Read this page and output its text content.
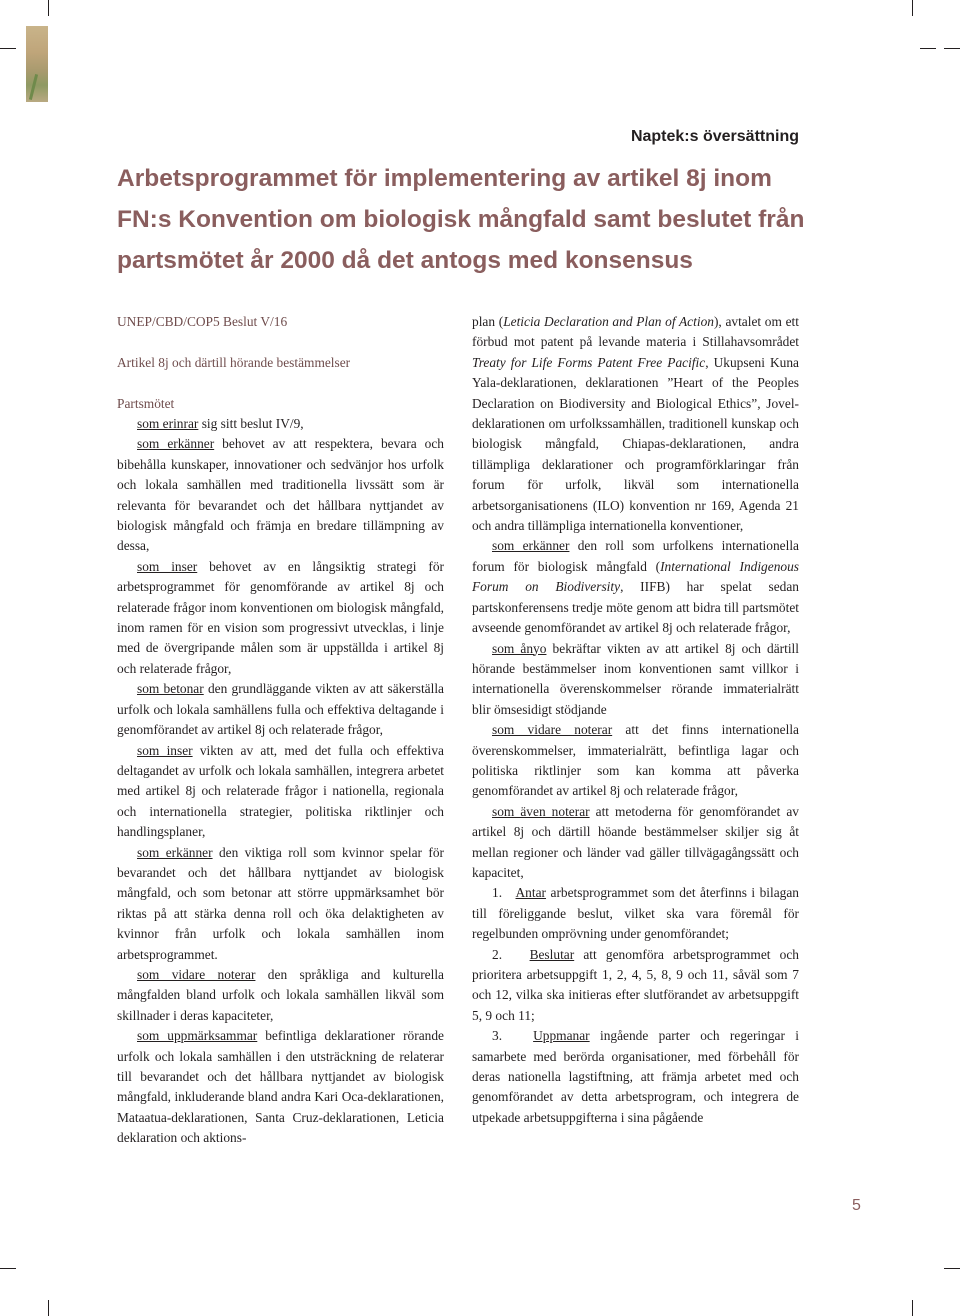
Naptek:s översättning
Arbetsprogrammet för implementering av artikel 8j inom
FN:s Konvention om biologisk mångfald samt beslutet från
partsmötet år 2000 då det antogs med konsensus

UNEP/CBD/COP5 Beslut V/16

Artikel 8j och därtill hörande bestämmelser

Partsmötet

som erinrar sig sitt beslut IV/9,

som erkänner behovet av att respektera, bevara och bibehålla kunskaper, innovationer och sedvänjor hos urfolk och lokala samhällen med traditionella livssätt som är relevanta för bevarandet och det hållbara nyttjandet av biologisk mångfald och främja en bredare tillämpning av dessa,

som inser behovet av en långsiktig strategi för arbetsprogrammet för genomförande av artikel 8j och relaterade frågor inom konventionen om biologisk mångfald, inom ramen för en vision som progressivt utvecklas, i linje med de övergripande målen som är uppställda i artikel 8j och relaterade frågor,

som betonar den grundläggande vikten av att säkerställa urfolk och lokala samhällens fulla och effektiva deltagande i genomförandet av artikel 8j och relaterade frågor,

som inser vikten av att, med det fulla och effektiva deltagandet av urfolk och lokala samhällen, integrera arbetet med artikel 8j och relaterade frågor i nationella, regionala och internationella strategier, politiska riktlinjer och handlingsplaner,

som erkänner den viktiga roll som kvinnor spelar för bevarandet och det hållbara nyttjandet av biologisk mångfald, och som betonar att större uppmärksamhet bör riktas på att stärka denna roll och öka delaktigheten av kvinnor från urfolk och lokala samhällen inom arbetsprogrammet.

som vidare noterar den språkliga and kulturella mångfalden bland urfolk och lokala samhällen likväl som skillnader i deras kapaciteter,

som uppmärksammar befintliga deklarationer rörande urfolk och lokala samhällen i den utsträckning de relaterar till bevarandet och det hållbara nyttjandet av biologisk mångfald, inkluderande bland andra Kari Oca-deklarationen, Mataatua-deklarationen, Santa Cruz-deklarationen, Leticia deklaration och aktions-

plan (Leticia Declaration and Plan of Action), avtalet om ett förbud mot patent på levande materia i Stillahavsområdet Treaty for Life Forms Patent Free Pacific, Ukupseni Kuna Yala-deklarationen, deklarationen ”Heart of the Peoples Declaration on Biodiversity and Biological Ethics”, Jovel-deklarationen om urfolkssamhällen, traditionell kunskap och biologisk mångfald, Chiapas-deklarationen, andra tillämpliga deklarationer och programförklaringar från forum för urfolk, likväl som internationella arbetsorganisationens (ILO) konvention nr 169, Agenda 21 och andra tillämpliga internationella konventioner,

som erkänner den roll som urfolkens internationella forum för biologisk mångfald (International Indigenous Forum on Biodiversity, IIFB) har spelat sedan partskonferensens tredje möte genom att bidra till partsmötet avseende genomförandet av artikel 8j och relaterade frågor,

som ånyo bekräftar vikten av att artikel 8j och därtill hörande bestämmelser inom konventionen samt villkor i internationella överenskommelser rörande immaterialrätt blir ömsesidigt stödjande

som vidare noterar att det finns internationella överenskommelser, immaterialrätt, befintliga lagar och politiska riktlinjer som kan komma att påverka genomförandet av artikel 8j och relaterade frågor,

som även noterar att metoderna för genomförandet av artikel 8j och därtill höande bestämmelser skiljer sig åt mellan regioner och länder vad gäller tillvägagångssätt och kapacitet,

1. Antar arbetsprogrammet som det återfinns i bilagan till föreliggande beslut, vilket ska vara föremål för regelbunden omprövning under genomförandet;

2. Beslutar att genomföra arbetsprogrammet och prioritera arbetsuppgift 1, 2, 4, 5, 8, 9 och 11, såväl som 7 och 12, vilka ska initieras efter slutförandet av arbetsuppgift 5, 9 och 11;

3. Uppmanar ingående parter och regeringar i samarbete med berörda organisationer, med förbehåll för deras nationella lagstiftning, att främja arbetet med och genomförandet av detta arbetsprogram, och integrera de utpekade arbetsuppgifterna i sina pågående

5
